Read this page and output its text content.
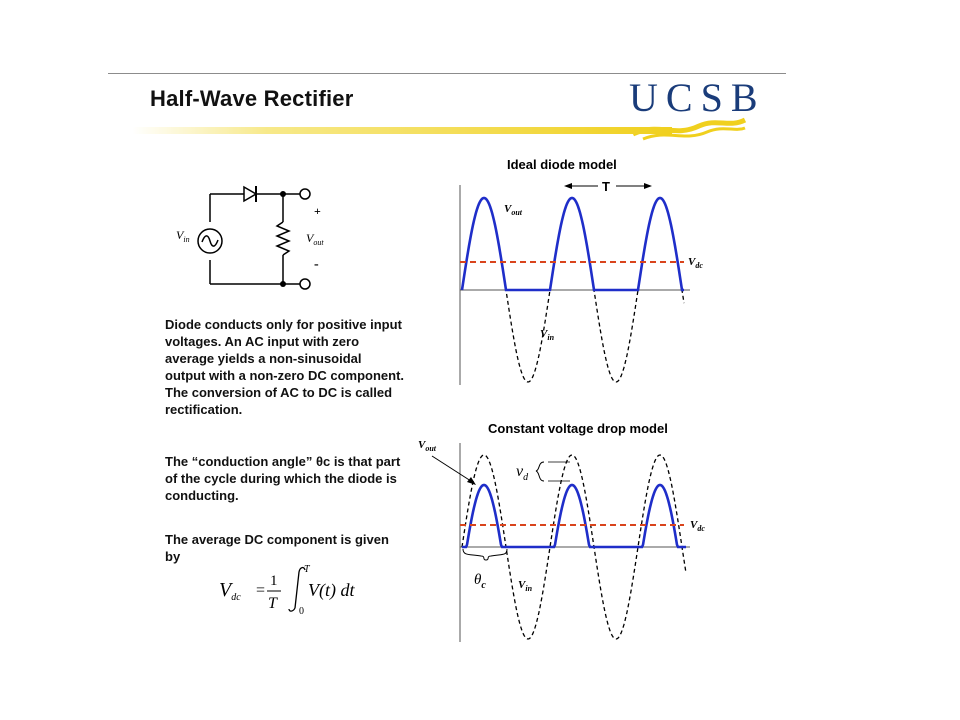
Half-Wave Rectifier	UCSB
$V_{in}$
+
$V_{out}$
-
Diode conducts only for positive input voltages. An AC input with zero average yields a non-sinusoidal output with a non-zero DC component. The conversion of AC to DC is called rectification.
The “conduction angle” θc is that part of the cycle during which the diode is conducting.
The average DC component is given by
$V_{dc}$ =
1
T
T
0
V(t) dt
Ideal diode model
T
$V_{out}$
$V_{in}$
$V_{dc}$
Constant voltage drop model
$V_{out}$
$v_d$
$\theta_c$	$V_{in}$
$V_{dc}$
